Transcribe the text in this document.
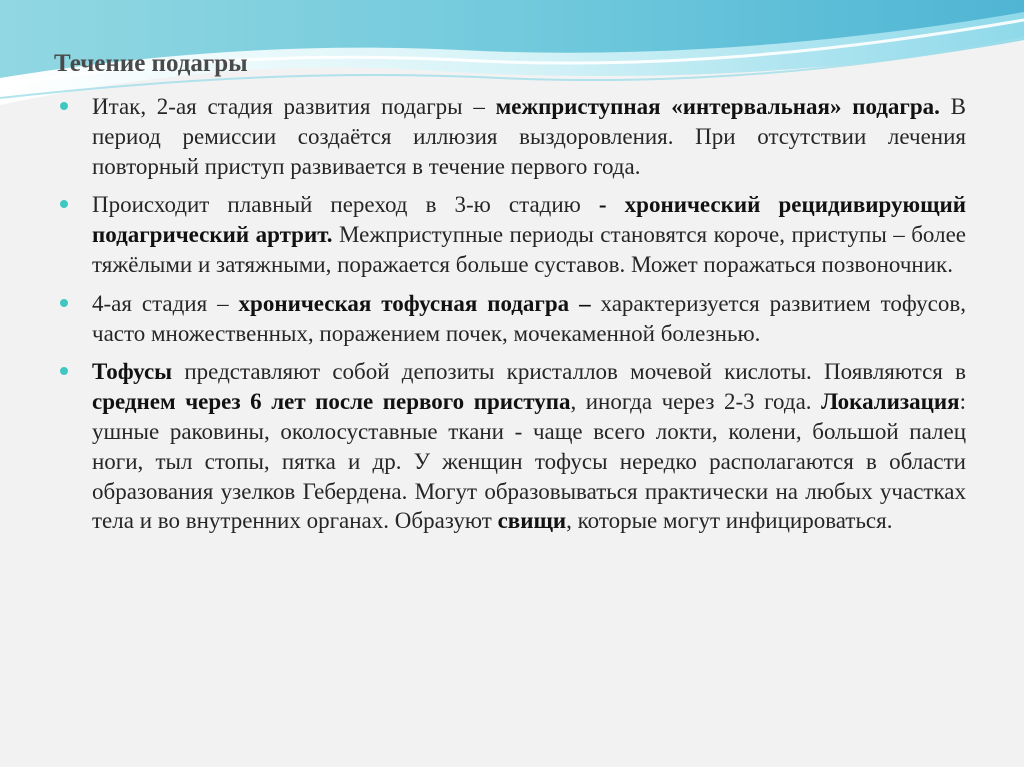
Течение подагры
Итак, 2-ая стадия развития подагры – межприступная «интервальная» подагра. В период ремиссии создаётся иллюзия выздоровления. При отсутствии лечения повторный приступ развивается в течение первого года.
Происходит плавный переход в 3-ю стадию - хронический рецидивирующий подагрический артрит. Межприступные периоды становятся короче, приступы – более тяжёлыми и затяжными, поражается больше суставов. Может поражаться позвоночник.
4-ая стадия – хроническая тофусная подагра – характеризуется развитием тофусов, часто множественных, поражением почек, мочекаменной болезнью.
Тофусы представляют собой депозиты кристаллов мочевой кислоты. Появляются в среднем через 6 лет после первого приступа, иногда через 2-3 года. Локализация: ушные раковины, околосуставные ткани - чаще всего локти, колени, большой палец ноги, тыл стопы, пятка и др. У женщин тофусы нередко располагаются в области образования узелков Гебердена. Могут образовываться практически на любых участках тела и во внутренних органах. Образуют свищи, которые могут инфицироваться.
